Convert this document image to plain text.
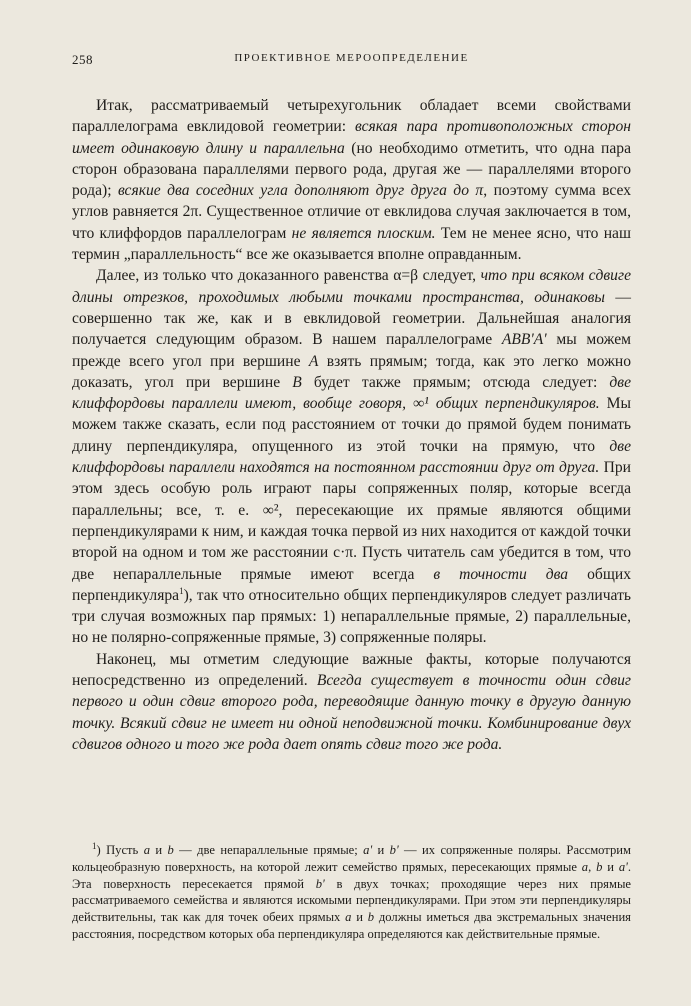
258	ПРОЕКТИВНОЕ МЕРООПРЕДЕЛЕНИЕ

Итак, рассматриваемый четырехугольник обладает всеми свойствами параллелограма евклидовой геометрии: всякая пара противоположных сторон имеет одинаковую длину и параллельна (но необходимо отметить, что одна пара сторон образована параллелями первого рода, другая же — параллелями второго рода); всякие два соседних угла дополняют друг друга до π, поэтому сумма всех углов равняется 2π. Существенное отличие от евклидова случая заключается в том, что клиффордов параллелограм не является плоским. Тем не менее ясно, что наш термин „параллельность“ все же оказывается вполне оправданным.

Далее, из только что доказанного равенства α=β следует, что при всяком сдвиге длины отрезков, проходимых любыми точками пространства, одинаковы — совершенно так же, как и в евклидовой геометрии. Дальнейшая аналогия получается следующим образом. В нашем параллелограме ABB'A' мы можем прежде всего угол при вершине A взять прямым; тогда, как это легко можно доказать, угол при вершине B будет также прямым; отсюда следует: две клиффордовы параллели имеют, вообще говоря, ∞¹ общих перпендикуляров. Мы можем также сказать, если под расстоянием от точки до прямой будем понимать длину перпендикуляра, опущенного из этой точки на прямую, что две клиффордовы параллели находятся на постоянном расстоянии друг от друга. При этом здесь особую роль играют пары сопряженных поляр, которые всегда параллельны; все, т. е. ∞², пересекающие их прямые являются общими перпендикулярами к ним, и каждая точка первой из них находится от каждой точки второй на одном и том же расстоянии c·π. Пусть читатель сам убедится в том, что две непараллельные прямые имеют всегда в точности два общих перпендикуляра$^1$), так что относительно общих перпендикуляров следует различать три случая возможных пар прямых: 1) непараллельные прямые, 2) параллельные, но не полярно-сопряженные прямые, 3) сопряженные поляры.

Наконец, мы отметим следующие важные факты, которые получаются непосредственно из определений. Всегда существует в точности один сдвиг первого и один сдвиг второго рода, переводящие данную точку в другую данную точку. Всякий сдвиг не имеет ни одной неподвижной точки. Комбинирование двух сдвигов одного и того же рода дает опять сдвиг того же рода.

$^1$) Пусть a и b — две непараллельные прямые; a' и b' — их сопряженные поляры. Рассмотрим кольцеобразную поверхность, на которой лежит семейство прямых, пересекающих прямые a, b и a'. Эта поверхность пересекается прямой b' в двух точках; проходящие через них прямые рассматриваемого семейства и являются искомыми перпендикулярами. При этом эти перпендикуляры действительны, так как для точек обеих прямых a и b должны иметься два экстремальных значения расстояния, посредством которых оба перпендикуляра определяются как действительные прямые.
